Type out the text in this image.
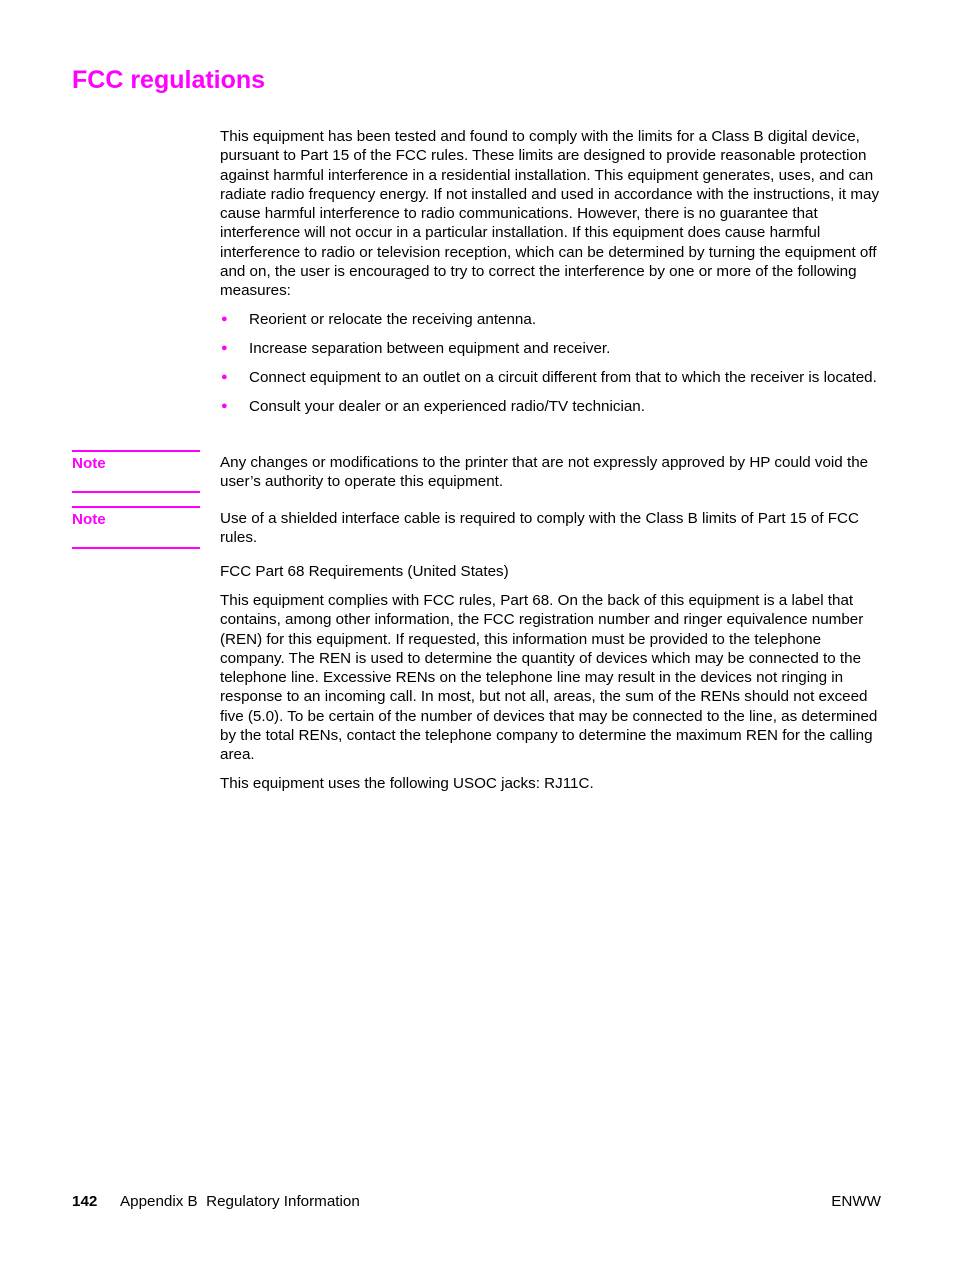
FCC regulations

This equipment has been tested and found to comply with the limits for a Class B digital device, pursuant to Part 15 of the FCC rules. These limits are designed to provide reasonable protection against harmful interference in a residential installation. This equipment generates, uses, and can radiate radio frequency energy. If not installed and used in accordance with the instructions, it may cause harmful interference to radio communications. However, there is no guarantee that interference will not occur in a particular installation. If this equipment does cause harmful interference to radio or television reception, which can be determined by turning the equipment off and on, the user is encouraged to try to correct the interference by one or more of the following measures:

● Reorient or relocate the receiving antenna.
● Increase separation between equipment and receiver.
● Connect equipment to an outlet on a circuit different from that to which the receiver is located.
● Consult your dealer or an experienced radio/TV technician.
Note	Any changes or modifications to the printer that are not expressly approved by HP could void the user’s authority to operate this equipment.

Note	Use of a shielded interface cable is required to comply with the Class B limits of Part 15 of FCC rules.

FCC Part 68 Requirements (United States)

This equipment complies with FCC rules, Part 68. On the back of this equipment is a label that contains, among other information, the FCC registration number and ringer equivalence number (REN) for this equipment. If requested, this information must be provided to the telephone company. The REN is used to determine the quantity of devices which may be connected to the telephone line. Excessive RENs on the telephone line may result in the devices not ringing in response to an incoming call. In most, but not all, areas, the sum of the RENs should not exceed five (5.0). To be certain of the number of devices that may be connected to the line, as determined by the total RENs, contact the telephone company to determine the maximum REN for the calling area.

This equipment uses the following USOC jacks: RJ11C.

142 Appendix B  Regulatory Information	ENWW
